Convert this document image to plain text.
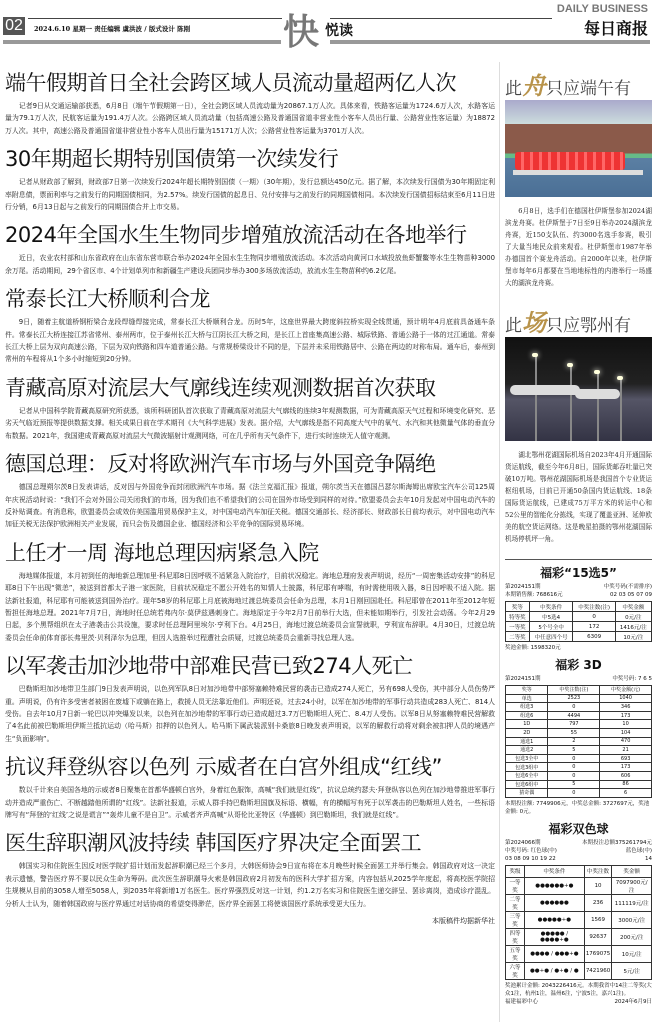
02	2024.6.10 星期一 责任编辑 虞洪波 / 版式设计 陈刚	快 悦读
DAILY BUSINESS
每日商报
端午假期首日全社会跨区域人员流动量超两亿人次

记者9日从交通运输部获悉，6月8日（端午节假期第一日），全社会跨区域人员流动量为20867.1万人次。具体来看，铁路客运量为1724.6万人次，水路客运量为79.1万人次，民航客运量为191.4万人次。公路跨区域人员流动量（包括高速公路及普通国省道非营业性小客车人员出行量、公路营业性客运量）为18872万人次。其中，高速公路及普通国省道非营业性小客车人员出行量为15171万人次；公路营业性客运量为3701万人次。

30年期超长期特别国债第一次续发行

记者从财政部了解到，财政部7日第一次续发行2024年超长期特别国债（一期）（30年期），发行总额达450亿元。据了解，本次续发行国债为30年期固定利率附息债，票面利率与之前发行的同期国债相同，为2.57%。续发行国债的起息日、兑付安排与之前发行的同期国债相同。本次续发行国债招标结束至6月11日进行分销，6月13日起与之前发行的同期国债合并上市交易。

2024年全国水生生物同步增殖放流活动在各地举行

近日，农业农村部和山东省政府在山东省东营市联合举办2024年全国水生生物同步增殖放流活动。本次活动向黄河口水域投放鱼虾蟹鳖等水生生物苗种3000余万尾。活动期间，29个省区市、4个计划单列市和新疆生产建设兵团同步举办300多场放流活动，放流水生生物苗种约6.2亿尾。

常泰长江大桥顺利合龙

9日，随着主航道桥钢桁梁合龙段焊缝焊接完成，常泰长江大桥顺利合龙。历时5年，这座世界最大跨度斜拉桥实现全线贯通，预计明年4月底前具备通车条件。常泰长江大桥连接江苏省常州、泰州两市，位于泰州长江大桥与江阴长江大桥之间，是长江上首座集高速公路、城际铁路、普通公路于一体的过江通道。常泰长江大桥上层为双向高速公路，下层为双向铁路和四车道普通公路。与常规桥梁设计不同的是，下层并未采用铁路居中、公路在两边的对称布局。通车后，泰州到常州的车程将从1个多小时缩短到20分钟。

青藏高原对流层大气廓线连续观测数据首次获取

记者从中国科学院青藏高原研究所获悉，该所科研团队首次获取了青藏高原对流层大气廓线的连续3年观测数据，可为青藏高原天气过程和环境变化研究、恶劣天气临近预报等提供数据支撑。相关成果日前在学术期刊《大气科学进展》发表。据介绍，大气廓线是指不同高度大气中的氧气、水汽和其他微量气体的垂直分布数据。2021年，我国建成青藏高原对流层大气微波辐射计观测网络，可在几乎所有天气条件下，进行实时连续无人值守观测。

德国总理：反对将欧洲汽车市场与外国竞争隔绝

德国总理朔尔茨8日发表讲话，反对因与外国竞争而封闭欧洲汽车市场。据《法兰克福汇报》报道，朔尔茨当天在德国吕瑟尔斯海姆出席欧宝汽车公司125周年庆祝活动时说：“我们不会对外国公司关闭我们的市场，因为我们也不希望我们的公司在国外市场受到同样的对待。”欧盟委员会去年10月发起对中国电动汽车的反补贴调查。有消息称，欧盟委员会或效仿美国滥用贸易保护主义，对中国电动汽车加征关税。德国交通部长、经济部长、财政部长日前均表示，对中国电动汽车加征关税无法保护欧洲相关产业发展，而只会伤及德国企业、德国经济和公平竞争的国际贸易环境。

上任才一周 海地总理因病紧急入院

海地媒体报道，本月初到任的海地新总理加里·科尼耶8日因呼吸不适紧急入院治疗，目前状况稳定。海地总理府发表声明说，经历“一周密集活动安排”的科尼耶8日下午出现“微恙”，被送到首都太子港一家医院，目前状况稳定不愿公开姓名的知情人士披露，科尼耶有哮喘，有时需使用吸入器，8日因呼吸不适入院。据法新社报道，科尼耶有可能被送到国外治疗。现年58岁的科尼耶上月底被海地过渡总统委员会任命为总理，本月1日刚回国赴任。科尼耶曾在2011年至2012年短暂担任海地总理。2021年7月7日，海地时任总统若弗内尔·莫伊兹遇刺身亡。海地原定于今年2月7日前举行大选，但未能如期举行，引发社会动荡。今年2月29日起，多个黑帮组织在太子港袭击公共设施，要求时任总理阿里埃尔·亨利下台。4月25日，海地过渡总统委员会宣誓就职，亨利宣布辞职。4月30日，过渡总统委员会任命前体育部长弗里茨·贝利泽尔为总理，但因人选推举过程遭社会质疑，过渡总统委员会重新寻找总理人选。

以军袭击加沙地带中部难民营已致274人死亡

巴勒斯坦加沙地带卫生部门9日发表声明说，以色列军队8日对加沙地带中部努塞赖特难民营的袭击已造成274人死亡，另有698人受伤，其中部分人员伤势严重。声明说，仍有许多受害者被困在废墟下或躺在路上，救援人员无法靠近他们。声明还说，过去24小时，以军在加沙地带的军事行动共造成283人死亡、814人受伤。自去年10月7日新一轮巴以冲突爆发以来，以色列在加沙地带的军事行动已造成超过3.7万巴勒斯坦人死亡、8.4万人受伤。以军8日从努塞赖特难民营解救了4名此前被巴勒斯坦伊斯兰抵抗运动（哈马斯）扣押的以色列人。哈马斯下属武装派别卡桑旅8日晚发表声明说，以军的解救行动将对剩余被扣押人员的境遇产生“负面影响”。

抗议拜登纵容以色列 示威者在白宫外组成“红线”

数以千计来自美国各地的示威者8日聚集在首都华盛顿白宫外，身着红色服饰，高喊“我们就是红线”，抗议总统约瑟夫·拜登纵容以色列在加沙地带推进军事行动并造成严重伤亡、不断越踏他所谓的“红线”。法新社报道，示威人群手持巴勒斯坦国旗及标语、横幅，有的横幅写有死于以军袭击的巴勒斯坦人姓名，一些标语牌写有“拜登的‘红线’之说是谎言”“轰炸儿童不是自卫”。示威者齐声高喊“从哥伦比亚特区（华盛顿）到巴勒斯坦，我们就是红线”。

医生辞职潮风波持续 韩国医疗界决定全面罢工

韩国实习和住院医生因反对医学院扩招计划而发起辞职潮已经三个多月，大韩医师协会9日宣布将在本月晚些时候全面罢工并举行集会。韩国政府对这一决定表示遗憾，警告医疗界不要以民众生命为筹码。此次医生辞职潮导火索是韩国政府2月初发布的医科大学扩招方案，内容包括从2025学年度起，将高校医学院招生规模从目前的3058人增至5058人，到2035年将新增1万名医生。医疗界强烈反对这一计划，约1.2万名实习和住院医生递交辞呈、罢诊离岗，造成诊疗混乱。分析人士认为，随着韩国政府与医疗界通过对话协商的希望变得渺茫，医疗界全面罢工将使该国医疗系统承受更大压力。

本版稿件均据新华社
此舟只应端午有

6月8日，选手们在德国杜伊斯堡参加2024湖滨龙舟赛。杜伊斯堡于7日至9日举办2024湖滨龙舟赛，近150支队伍、约3000名选手参赛，吸引了大量当地民众前来观看。杜伊斯堡市1987年举办德国首个赛龙舟活动。自2000年以来，杜伊斯堡市每年6月都要在当地地标性的内港举行一场盛大的湖滨龙舟赛。

此场只应鄂州有

湖北鄂州花湖国际机场自2023年4月开通国际货运航线，截至今年6月8日，国际货邮吞吐量已突破10万吨。鄂州花湖国际机场是我国首个专业货运枢纽机场，目前已开通50条国内货运航线、18条国际货运航线，已建成75万平方米的转运中心和52公里的智能化分拣线，实现了覆盖亚洲、延伸欧美的航空货运网络。这是晚星拍摄的鄂州花湖国际机场停机坪一角。

福彩“15选5”
第2024151期	中奖号码(不需排序)
本期销售额: 768616元	02 03 05 07 09
奖等	中奖条件	中奖注数(注)	中奖金额
特等奖	中5选4	0	0元/注
一等奖	5个号全中	172	1416元/注
二等奖	中任意四个号	6309	10元/注
奖池金额: 1598320元
福彩 3D
第2024151期	中奖号码: 7 6 5
奖等	中奖注数(注)	中奖金额(元)
单选	2523	1040
组选3	0	346
组选6	4494	173
1D	797	10
2D	55	104
通选1	2	470
通选2	5	21
包选3全中	0	693
包选3组中	0	173
包选6全中	0	606
包选6组中	5	86
猜奇偶	0	6
本期投注额: 7749906元，中奖总金额: 3727697元，奖池金额: 0元。
福彩双色球
第2024066期	本期投注总额375261794元
中奖号码: 红色球(中)	蓝色球(中)
03 08 09 10 19 22	14
奖级	中奖条件	中奖注数	奖金额
一等奖	●●●●●●+●	10	7097900元/注
二等奖	●●●●●●	236	111119元/注
三等奖	●●●●●+●	1569	3000元/注
四等奖	●●●●● / ●●●●+●	92637	200元/注
五等奖	●●●● / ●●●+●	1769075	10元/注
六等奖	●●+● / ●+● / ●	7421960	5元/注
奖池累计金额: 2043226416元。本期我省中14注二等奖(大众1注，杭州1注，温州6注，宁波5注，嘉兴1注)。
福建福彩中心	2024年6月9日
